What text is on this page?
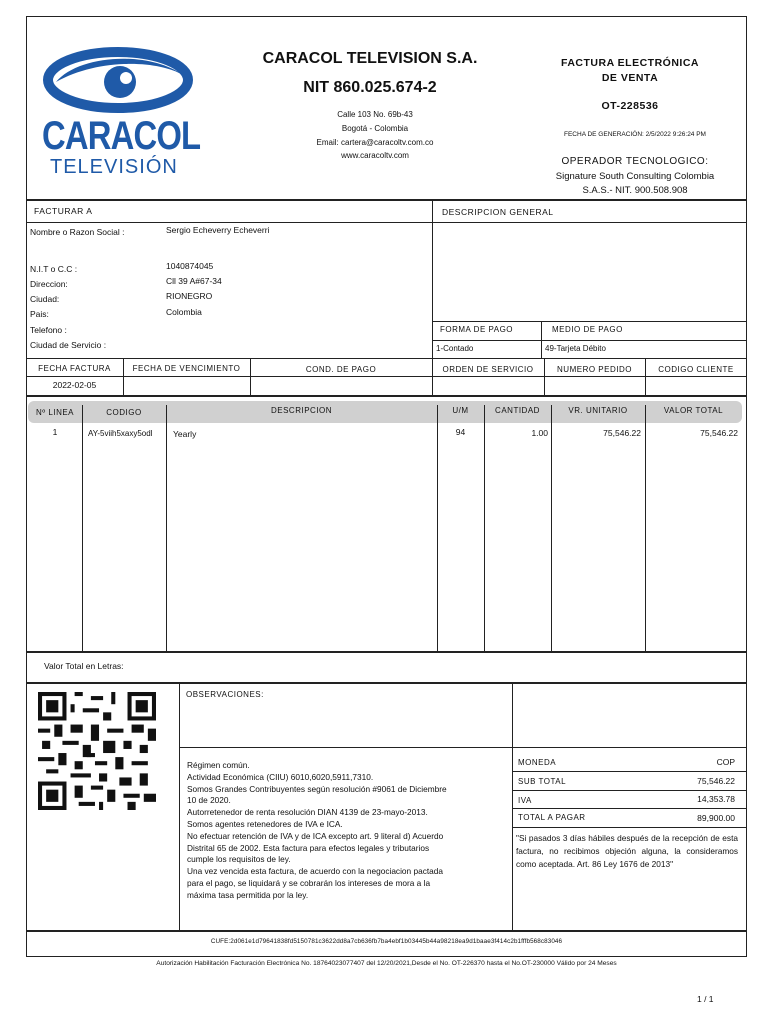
CARACOL
TELEVISIÓN
CARACOL TELEVISION S.A.
NIT 860.025.674-2
Calle 103 No. 69b-43
Bogotá - Colombia
Email: cartera@caracoltv.com.co
www.caracoltv.com
FACTURA ELECTRÓNICA
DE VENTA
OT-228536
FECHA DE GENERACIÓN: 2/5/2022 9:26:24 PM
OPERADOR TECNOLOGICO:
Signature South Consulting Colombia
S.A.S.- NIT. 900.508.908
FACTURAR A	DESCRIPCION GENERAL
Nombre o Razon Social :	Sergio Echeverry Echeverri
N.I.T o C.C :	1040874045
Direccion:	Cll 39 A#67-34
Ciudad:	RIONEGRO
Pais:	Colombia
Telefono :
Ciudad de Servicio :
FORMA DE PAGO	MEDIO DE PAGO
1-Contado	49-Tarjeta Débito
FECHA FACTURA	FECHA DE VENCIMIENTO	COND. DE PAGO	ORDEN DE SERVICIO	NUMERO PEDIDO	CODIGO CLIENTE
2022-02-05
Nº LINEA	CODIGO	DESCRIPCION	U/M	CANTIDAD	VR. UNITARIO	VALOR TOTAL
1	AY-5viih5xaxy5odl	Yearly	94	1.00	75,546.22	75,546.22
Valor Total en Letras:
OBSERVACIONES:
Régimen común.
Actividad Económica (CIIU) 6010,6020,5911,7310.
Somos Grandes Contribuyentes según resolución #9061 de Diciembre
10 de 2020.
Autorretenedor de renta resolución DIAN 4139 de 23-mayo-2013.
Somos agentes retenedores de IVA e ICA.
No efectuar retención de IVA y de ICA excepto art. 9 literal d) Acuerdo
Distrital 65 de 2002. Esta factura para efectos legales y tributarios
cumple los requisitos de ley.
Una vez vencida esta factura, de acuerdo con la negociacion pactada
para el pago, se liquidará y se cobrarán los intereses de mora a la
máxima tasa permitida por la ley.
MONEDA	COP
SUB TOTAL	75,546.22
IVA	14,353.78
TOTAL A PAGAR	89,900.00
"Si pasados 3 días hábiles después de la recepción de esta factura, no recibimos objeción alguna, la consideramos como aceptada. Art. 86 Ley 1676 de 2013"
CUFE:2d061e1d79641838fd5150781c3622dd8a7cb636fb7ba4ebf1b03445b44a98218ea9d1baae3f414c2b1fffb568c83046
Autorización Habilitación Facturación Electrónica No. 18764023077407 del 12/20/2021,Desde el No. OT-226370 hasta el No.OT-230000 Válido por 24 Meses
1 / 1
